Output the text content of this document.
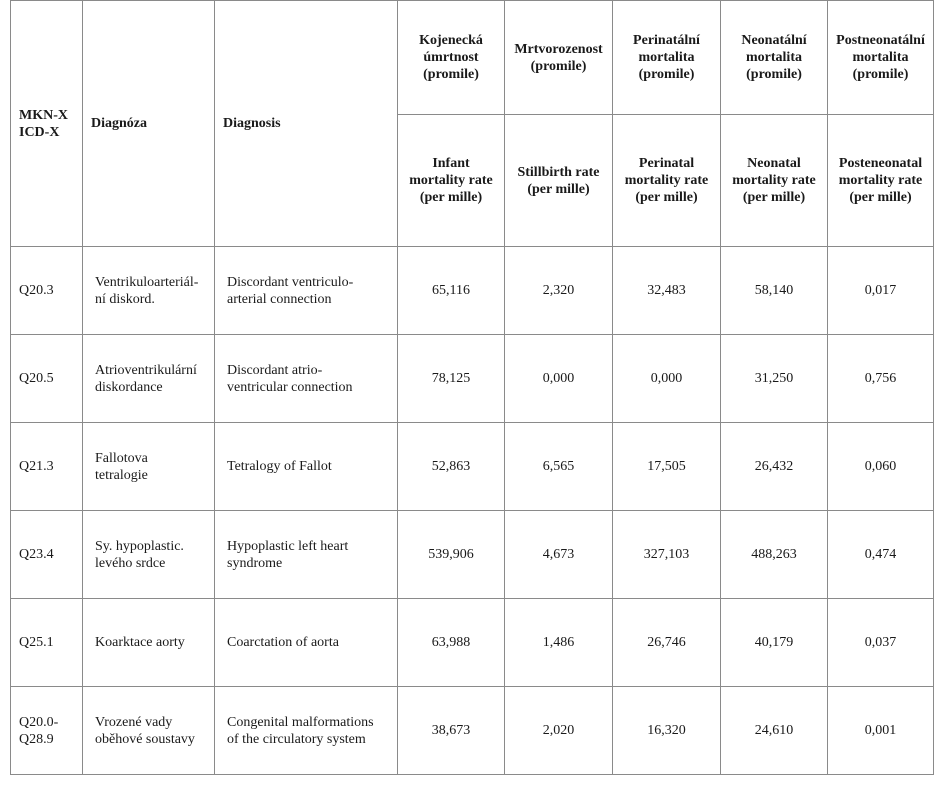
MKN-X
ICD-X	Diagnóza	Diagnosis	Kojenecká
úmrtnost
(promile)	Mrtvorozenost
(promile)	Perinatální
mortalita
(promile)	Neonatální
mortalita
(promile)	Postneonatální
mortalita
(promile)

			Infant
mortality rate
(per mille)	Stillbirth rate
(per mille)	Perinatal
mortality rate
(per mille)	Neonatal
mortality rate
(per mille)	Posteneonatal
mortality rate
(per mille)

Q20.3	Ventrikuloarteriál-
ní diskord.	Discordant ventriculo-
arterial connection	65,116	2,320	32,483	58,140	0,017

Q20.5	Atrioventrikulární
diskordance	Discordant atrio-
ventricular connection	78,125	0,000	0,000	31,250	0,756

Q21.3	Fallotova
tetralogie	Tetralogy of Fallot	52,863	6,565	17,505	26,432	0,060

Q23.4	Sy. hypoplastic.
levého srdce	Hypoplastic left heart
syndrome	539,906	4,673	327,103	488,263	0,474

Q25.1	Koarktace aorty	Coarctation of aorta	63,988	1,486	26,746	40,179	0,037

Q20.0-
Q28.9	Vrozené vady
oběhové soustavy	Congenital malformations
of the circulatory system	38,673	2,020	16,320	24,610	0,001
